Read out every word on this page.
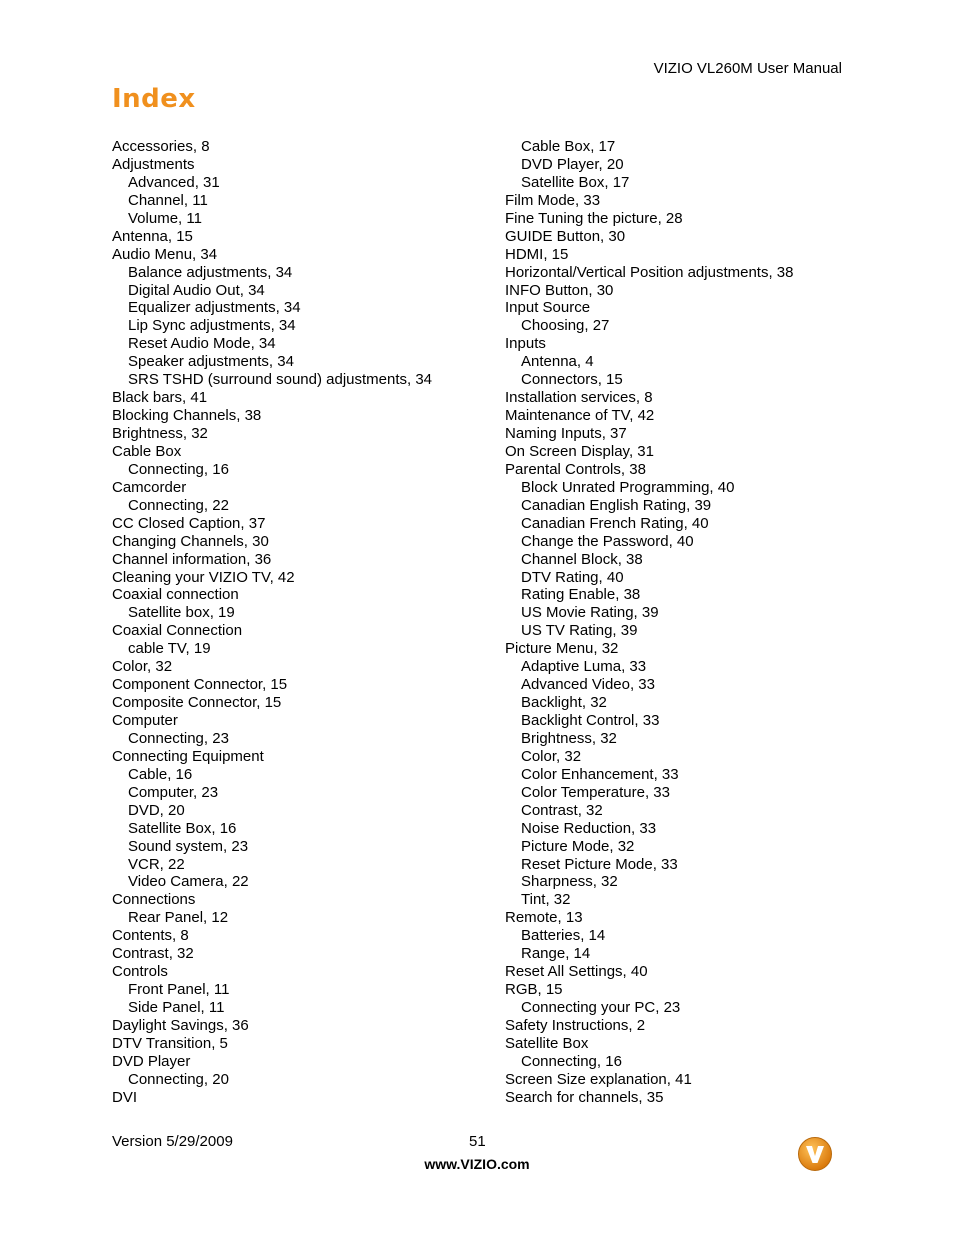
VIZIO VL260M User Manual
Index
Accessories, 8
Adjustments
Advanced, 31
Channel, 11
Volume, 11
Antenna, 15
Audio Menu, 34
Balance adjustments, 34
Digital Audio Out, 34
Equalizer adjustments, 34
Lip Sync adjustments, 34
Reset Audio Mode, 34
Speaker adjustments, 34
SRS TSHD (surround sound) adjustments, 34
Black bars, 41
Blocking Channels, 38
Brightness, 32
Cable Box
Connecting, 16
Camcorder
Connecting, 22
CC Closed Caption, 37
Changing Channels, 30
Channel information, 36
Cleaning your VIZIO TV, 42
Coaxial connection
Satellite box, 19
Coaxial Connection
cable TV, 19
Color, 32
Component Connector, 15
Composite Connector, 15
Computer
Connecting, 23
Connecting Equipment
Cable, 16
Computer, 23
DVD, 20
Satellite Box, 16
Sound system, 23
VCR, 22
Video Camera, 22
Connections
Rear Panel, 12
Contents, 8
Contrast, 32
Controls
Front Panel, 11
Side Panel, 11
Daylight Savings, 36
DTV Transition, 5
DVD Player
Connecting, 20
DVI
Cable Box, 17
DVD Player, 20
Satellite Box, 17
Film Mode, 33
Fine Tuning the picture, 28
GUIDE Button, 30
HDMI, 15
Horizontal/Vertical Position adjustments, 38
INFO Button, 30
Input Source
Choosing, 27
Inputs
Antenna, 4
Connectors, 15
Installation services, 8
Maintenance of TV, 42
Naming Inputs, 37
On Screen Display, 31
Parental Controls, 38
Block Unrated Programming, 40
Canadian English Rating, 39
Canadian French Rating, 40
Change the Password, 40
Channel Block, 38
DTV Rating, 40
Rating Enable, 38
US Movie Rating, 39
US TV Rating, 39
Picture Menu, 32
Adaptive Luma, 33
Advanced Video, 33
Backlight, 32
Backlight Control, 33
Brightness, 32
Color, 32
Color Enhancement, 33
Color Temperature, 33
Contrast, 32
Noise Reduction, 33
Picture Mode, 32
Reset Picture Mode, 33
Sharpness, 32
Tint, 32
Remote, 13
Batteries, 14
Range, 14
Reset All Settings, 40
RGB, 15
Connecting your PC, 23
Safety Instructions, 2
Satellite Box
Connecting, 16
Screen Size explanation, 41
Search for channels, 35
Version 5/29/2009	51
www.VIZIO.com
